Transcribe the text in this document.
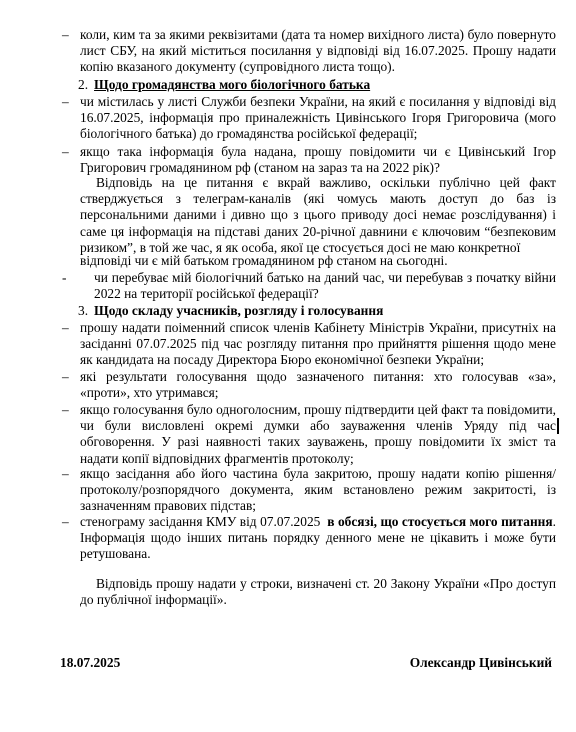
– коли, ким та за якими реквізитами (дата та номер вихідного листа) було повернуто лист СБУ, на який міститься посилання у відповіді від 16.07.2025. Прошу надати копію вказаного документу (супровідного листа тощо).
2. Щодо громадянства мого біологічного батька
– чи містилась у листі Служби безпеки України, на який є посилання у відповіді від 16.07.2025, інформація про приналежність Цивінського Ігоря Григоровича (мого біологічного батька) до громадянства російської федерації;
– якщо така інформація була надана, прошу повідомити чи є Цивінський Ігор Григорович громадянином рф (станом на зараз та на 2022 рік)?
Відповідь на це питання є вкрай важливо, оскільки публічно цей факт стверджується з телеграм-каналів (які чомусь мають доступ до баз із персональними даними і дивно що з цього приводу досі немає розслідування) і саме ця інформація на підставі даних 20-річної давнини є ключовим “безпековим ризиком”, в той же час, я як особа, якої це стосується досі не маю конкретної
відповіді чи є мій батьком громадянином рф станом на сьогодні.
- чи перебуває мій біологічний батько на даний час, чи перебував з початку війни 2022 на території російської федерації?
3. Щодо складу учасників, розгляду і голосування
– прошу надати поіменний список членів Кабінету Міністрів України, присутніх на засіданні 07.07.2025 під час розгляду питання про прийняття рішення щодо мене як кандидата на посаду Директора Бюро економічної безпеки України;
– які результати голосування щодо зазначеного питання: хто голосував «за», «проти», хто утримався;
– якщо голосування було одноголосним, прошу підтвердити цей факт та повідомити, чи були висловлені окремі думки або зауваження членів Уряду під час обговорення. У разі наявності таких зауважень, прошу повідомити їх зміст та надати копії відповідних фрагментів протоколу;
– якщо засідання або його частина була закритою, прошу надати копію рішення/протоколу/розпорядчого документа, яким встановлено режим закритості, із зазначенням правових підстав;
– стенограму засідання КМУ від 07.07.2025 в обсязі, що стосується мого питання. Інформація щодо інших питань порядку денного мене не цікавить і може бути ретушована.
Відповідь прошу надати у строки, визначені ст. 20 Закону України «Про доступ до публічної інформації».
18.07.2025	Олександр Цивінський
